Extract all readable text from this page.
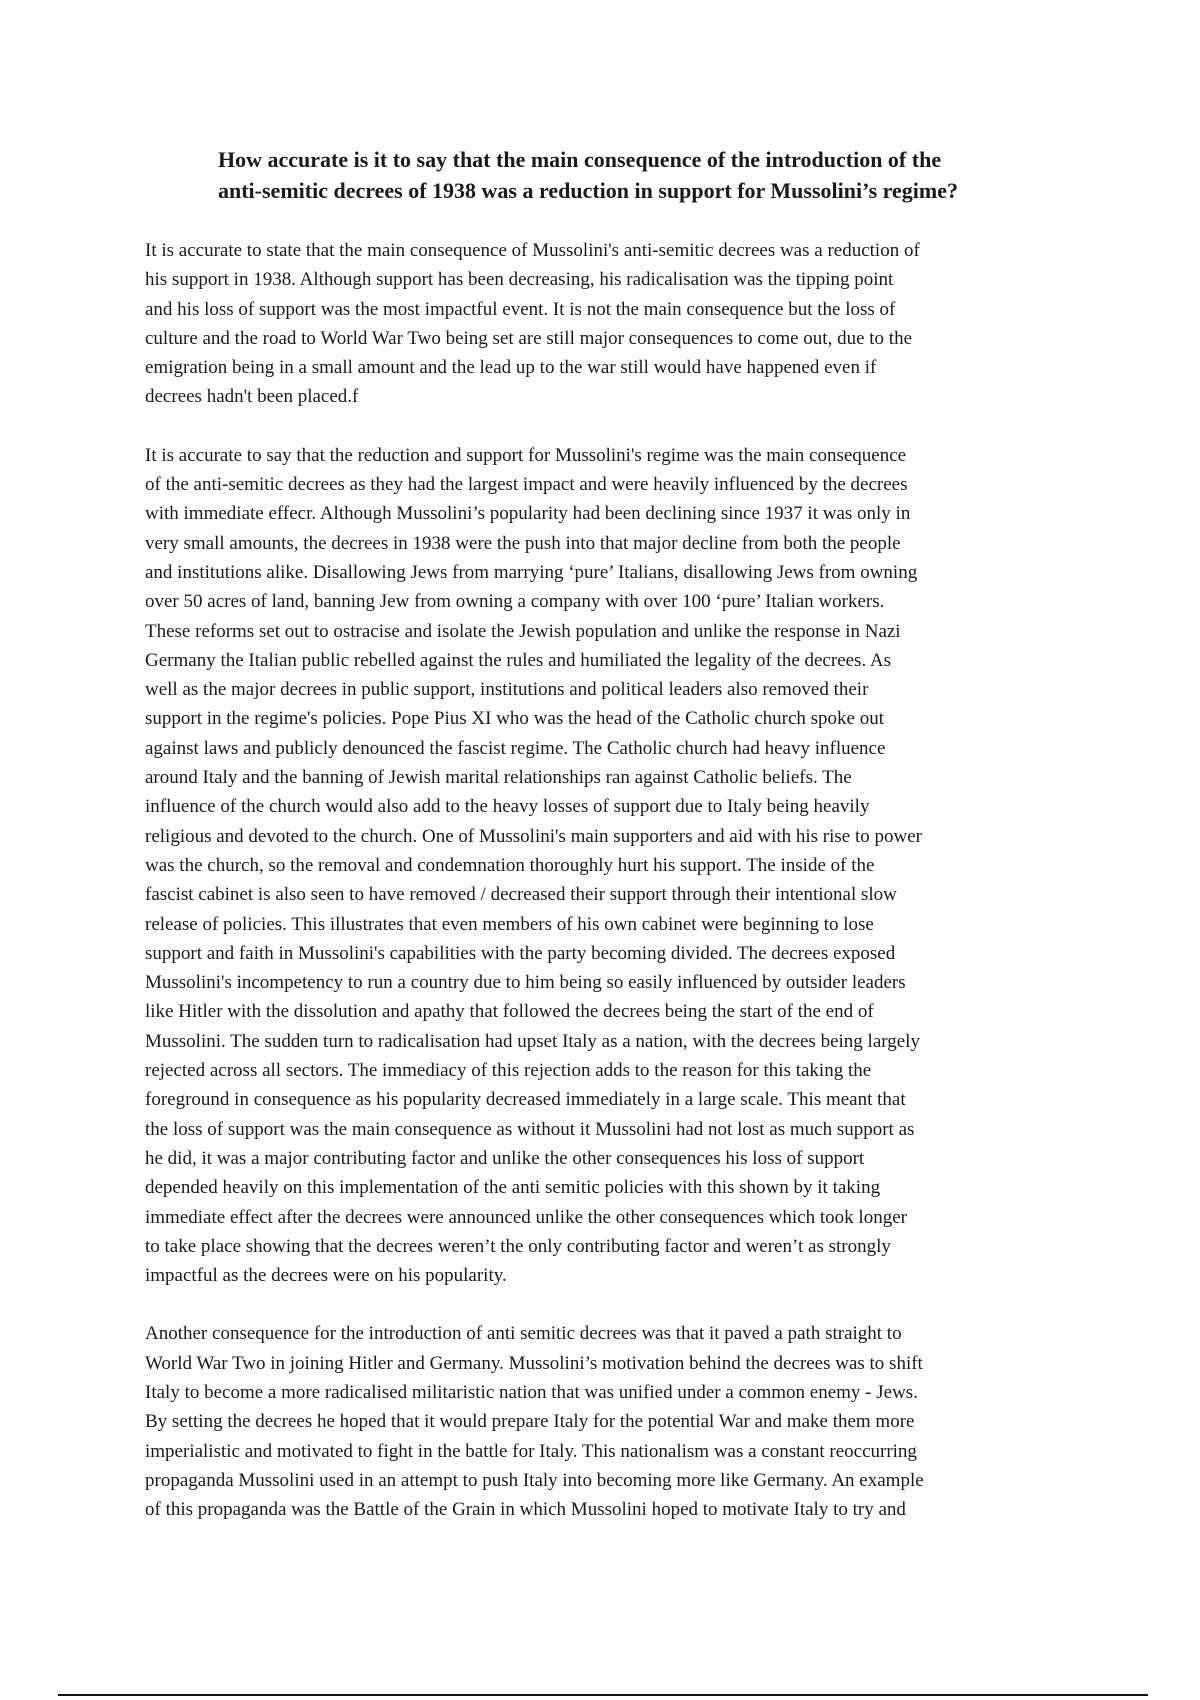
How accurate is it to say that the main consequence of the introduction of the
anti-semitic decrees of 1938 was a reduction in support for Mussolini’s regime?
It is accurate to state that the main consequence of Mussolini's anti-semitic decrees was a reduction of
his support in 1938. Although support has been decreasing, his radicalisation was the tipping point
and his loss of support was the most impactful event. It is not the main consequence but the loss of
culture and the road to World War Two being set are still major consequences to come out, due to the
emigration being in a small amount and the lead up to the war still would have happened even if
decrees hadn't been placed.f
It is accurate to say that the reduction and support for Mussolini's regime was the main consequence
of the anti-semitic decrees as they had the largest impact and were heavily influenced by the decrees
with immediate effecr. Although Mussolini’s popularity had been declining since 1937 it was only in
very small amounts, the decrees in 1938 were the push into that major decline from both the people
and institutions alike. Disallowing Jews from marrying ‘pure’ Italians, disallowing Jews from owning
over 50 acres of land, banning Jew from owning a company with over 100 ‘pure’ Italian workers.
These reforms set out to ostracise and isolate the Jewish population and unlike the response in Nazi
Germany the Italian public rebelled against the rules and humiliated the legality of the decrees. As
well as the major decrees in public support, institutions and political leaders also removed their
support in the regime's policies. Pope Pius XI who was the head of the Catholic church spoke out
against laws and publicly denounced the fascist regime. The Catholic church had heavy influence
around Italy and the banning of Jewish marital relationships ran against Catholic beliefs. The
influence of the church would also add to the heavy losses of support due to Italy being heavily
religious and devoted to the church. One of Mussolini's main supporters and aid with his rise to power
was the church, so the removal and condemnation thoroughly hurt his support. The inside of the
fascist cabinet is also seen to have removed / decreased their support through their intentional slow
release of policies. This illustrates that even members of his own cabinet were beginning to lose
support and faith in Mussolini's capabilities with the party becoming divided. The decrees exposed
Mussolini's incompetency to run a country due to him being so easily influenced by outsider leaders
like Hitler with the dissolution and apathy that followed the decrees being the start of the end of
Mussolini. The sudden turn to radicalisation had upset Italy as a nation, with the decrees being largely
rejected across all sectors. The immediacy of this rejection adds to the reason for this taking the
foreground in consequence as his popularity decreased immediately in a large scale. This meant that
the loss of support was the main consequence as without it Mussolini had not lost as much support as
he did, it was a major contributing factor and unlike the other consequences his loss of support
depended heavily on this implementation of the anti semitic policies with this shown by it taking
immediate effect after the decrees were announced unlike the other consequences which took longer
to take place showing that the decrees weren’t the only contributing factor and weren’t as strongly
impactful as the decrees were on his popularity.
Another consequence for the introduction of anti semitic decrees was that it paved a path straight to
World War Two in joining Hitler and Germany. Mussolini’s motivation behind the decrees was to shift
Italy to become a more radicalised militaristic nation that was unified under a common enemy - Jews.
By setting the decrees he hoped that it would prepare Italy for the potential War and make them more
imperialistic and motivated to fight in the battle for Italy. This nationalism was a constant reoccurring
propaganda Mussolini used in an attempt to push Italy into becoming more like Germany. An example
of this propaganda was the Battle of the Grain in which Mussolini hoped to motivate Italy to try and
